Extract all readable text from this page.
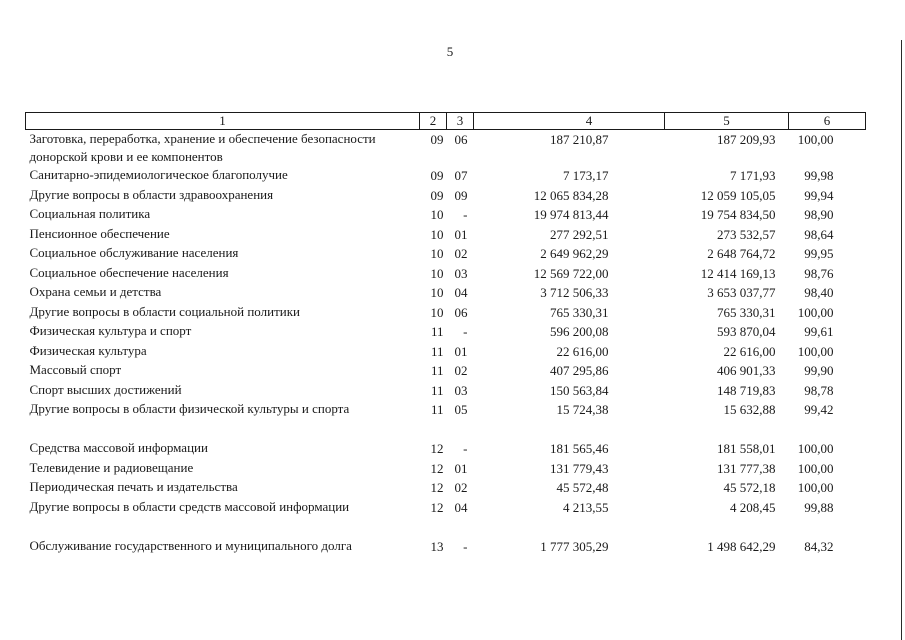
5
1	2	3	4	5	6
Заготовка, переработка, хранение и обеспечение безопасности донорской крови и ее компонентов	09	06	187 210,87	187 209,93	100,00
Санитарно-эпидемиологическое благополучие	09	07	7 173,17	7 171,93	99,98
Другие вопросы в области здравоохранения	09	09	12 065 834,28	12 059 105,05	99,94
Социальная политика	10	-	19 974 813,44	19 754 834,50	98,90
Пенсионное обеспечение	10	01	277 292,51	273 532,57	98,64
Социальное обслуживание населения	10	02	2 649 962,29	2 648 764,72	99,95
Социальное обеспечение населения	10	03	12 569 722,00	12 414 169,13	98,76
Охрана семьи и детства	10	04	3 712 506,33	3 653 037,77	98,40
Другие вопросы в области социальной политики	10	06	765 330,31	765 330,31	100,00
Физическая культура и спорт	11	-	596 200,08	593 870,04	99,61
Физическая культура	11	01	22 616,00	22 616,00	100,00
Массовый спорт	11	02	407 295,86	406 901,33	99,90
Спорт высших достижений	11	03	150 563,84	148 719,83	98,78
Другие вопросы в области физической культуры и спорта	11	05	15 724,38	15 632,88	99,42

Средства массовой информации	12	-	181 565,46	181 558,01	100,00
Телевидение и радиовещание	12	01	131 779,43	131 777,38	100,00
Периодическая печать и издательства	12	02	45 572,48	45 572,18	100,00
Другие вопросы в области средств массовой информации	12	04	4 213,55	4 208,45	99,88

Обслуживание государственного и муниципального долга	13	-	1 777 305,29	1 498 642,29	84,32
